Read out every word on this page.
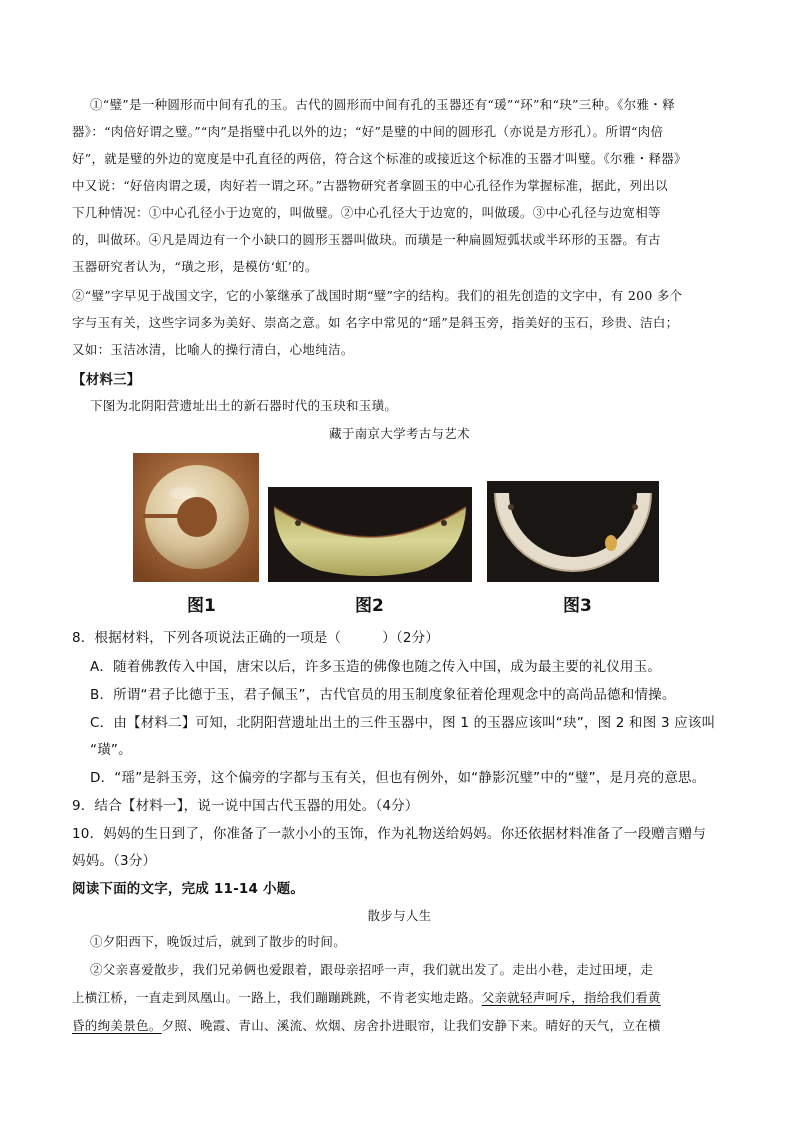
①“璧”是一种圆形而中间有孔的玉。古代的圆形而中间有孔的玉器还有“瑗”“环”和“玦”三种。《尔雅・释
器》：“肉倍好谓之璧。”“肉”是指璧中孔以外的边；“好”是璧的中间的圆形孔（亦说是方形孔）。所谓“肉倍
好”，就是璧的外边的宽度是中孔直径的两倍，符合这个标准的或接近这个标准的玉器才叫璧。《尔雅・释器》
中又说：“好倍肉谓之瑗，肉好若一谓之环。”古器物研究者拿圆玉的中心孔径作为掌握标准，据此，列出以
下几种情况：①中心孔径小于边宽的，叫做璧。②中心孔径大于边宽的，叫做瑗。③中心孔径与边宽相等
的，叫做环。④凡是周边有一个小缺口的圆形玉器叫做玦。而璜是一种扁圆短弧状或半环形的玉器。有古
玉器研究者认为，“璜之形，是模仿‘虹’的。
②“璧”字早见于战国文字，它的小篆继承了战国时期“璧”字的结构。我们的祖先创造的文字中，有 200 多个
字与玉有关，这些字词多为美好、崇高之意。如 名字中常见的“瑶”是斜玉旁，指美好的玉石，珍贵、洁白；
又如：玉洁冰清，比喻人的操行清白，心地纯洁。
【材料三】
下图为北阴阳营遗址出土的新石器时代的玉玦和玉璜。
藏于南京大学考古与艺术
图1	图2	图3
8．根据材料，下列各项说法正确的一项是（　　　）（2分）
A．随着佛教传入中国，唐宋以后，许多玉造的佛像也随之传入中国，成为最主要的礼仪用玉。
B．所谓“君子比德于玉，君子佩玉”，古代官员的用玉制度象征着伦理观念中的高尚品德和情操。
C．由【材料二】可知，北阴阳营遗址出土的三件玉器中，图 1 的玉器应该叫“玦”，图 2 和图 3 应该叫
“璜”。
D．“瑶”是斜玉旁，这个偏旁的字都与玉有关，但也有例外，如“静影沉璧”中的“璧”，是月亮的意思。
9．结合【材料一】，说一说中国古代玉器的用处。（4分）
10．妈妈的生日到了，你准备了一款小小的玉饰，作为礼物送给妈妈。你还依据材料准备了一段赠言赠与
妈妈。（3分）
阅读下面的文字，完成 11-14 小题。
散步与人生
①夕阳西下，晚饭过后，就到了散步的时间。
②父亲喜爱散步，我们兄弟俩也爱跟着，跟母亲招呼一声，我们就出发了。走出小巷，走过田埂，走
上横江桥，一直走到凤凰山。一路上，我们蹦蹦跳跳，不肯老实地走路。父亲就轻声呵斥，指给我们看黄
昏的绚美景色。夕照、晚霞、青山、溪流、炊烟、房舍扑进眼帘，让我们安静下来。晴好的天气，立在横
